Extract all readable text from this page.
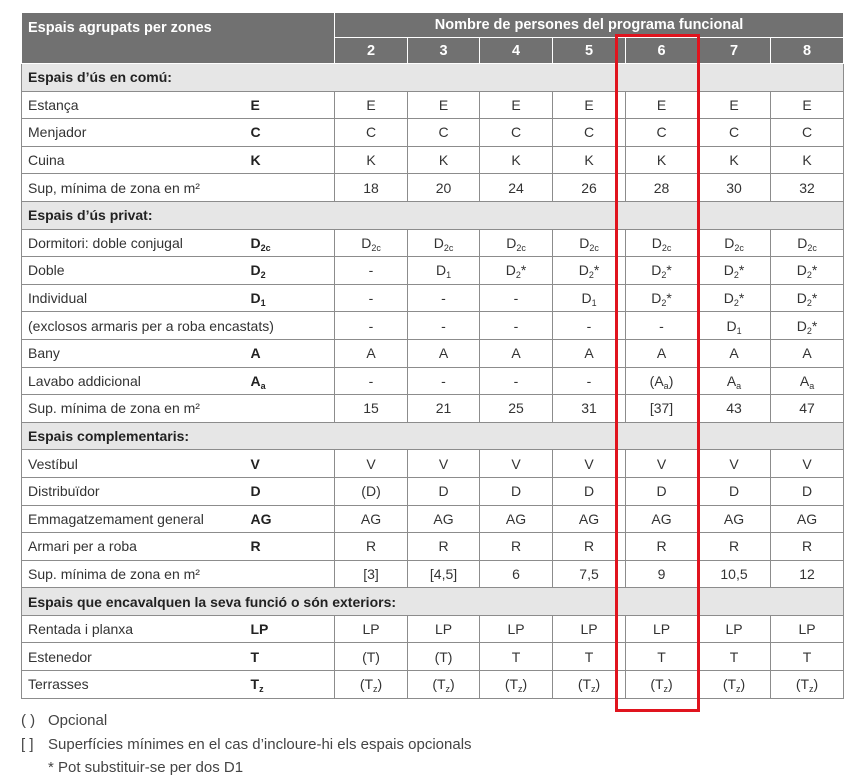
Espais agrupats per zones		Nombre de persones del programa funcional						
		2	3	4	5	6	7	8
Espais d’ús en comú:								
Estança	E	E	E	E	E	E	E	E
Menjador	C	C	C	C	C	C	C	C
Cuina	K	K	K	K	K	K	K	K
Sup, mínima de zona en m²		18	20	24	26	28	30	32
Espais d’ús privat:								
Dormitori: doble conjugal	$D_{2c}$	$D_{2c}$	$D_{2c}$	$D_{2c}$	$D_{2c}$	$D_{2c}$	$D_{2c}$	$D_{2c}$
Doble	$D_2$	-	$D_1$	$D_2*$	$D_2*$	$D_2*$	$D_2*$	$D_2*$
Individual	$D_1$	-	-	-	$D_1$	$D_2*$	$D_2*$	$D_2*$
(exclosos armaris per a roba encastats)		-	-	-	-	-	$D_1$	$D_2*$
Bany	A	A	A	A	A	A	A	A
Lavabo addicional	$A_a$	-	-	-	-	$(A_a)$	$A_a$	$A_a$
Sup. mínima de zona en m²		15	21	25	31	[37]	43	47
Espais complementaris:								
Vestíbul	V	V	V	V	V	V	V	V
Distribuïdor	D	(D)	D	D	D	D	D	D
Emmagatzemament general	AG	AG	AG	AG	AG	AG	AG	AG
Armari per a roba	R	R	R	R	R	R	R	R
Sup. mínima de zona en m²		[3]	[4,5]	6	7,5	9	10,5	12
Espais que encavalquen la seva funció o són exteriors:								
Rentada i planxa	LP	LP	LP	LP	LP	LP	LP	LP
Estenedor	T	(T)	(T)	T	T	T	T	T
Terrasses	$T_z$	$(T_z)$	$(T_z)$	$(T_z)$	$(T_z)$	$(T_z)$	$(T_z)$	$(T_z)$
( ) Opcional
[ ] Superfícies mínimes en el cas d’incloure-hi els espais opcionals
* Pot substituir-se per dos D1
